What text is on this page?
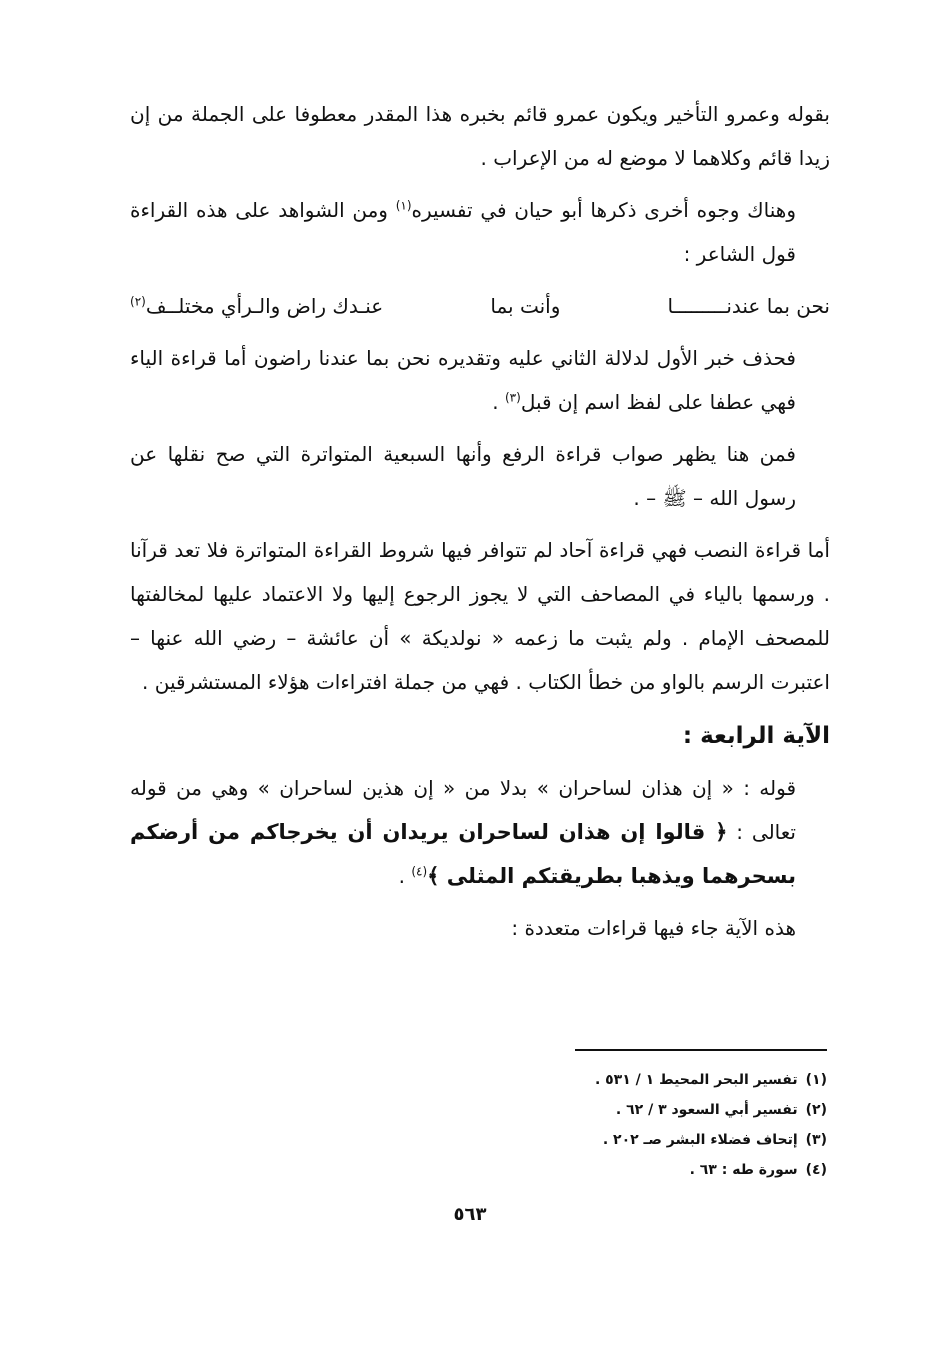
بقوله وعمرو التأخير ويكون عمرو قائم بخبره هذا المقدر معطوفا على الجملة من إن زيدا قائم وكلاهما لا موضع له من الإعراب .

وهناك وجوه أخرى ذكرها أبو حيان في تفسيره$^{(١)}$ ومن الشواهد على هذه القراءة قول الشاعر :

نحن بما عندنـــــــــا
وأنت بما
عنـدك راض والـرأي مختلــف$^{(٢)}$

فحذف خبر الأول لدلالة الثاني عليه وتقديره نحن بما عندنا راضون أما قراءة الياء فهي عطفا على لفظ اسم إن قبل$^{(٣)}$ .

فمن هنا يظهر صواب قراءة الرفع وأنها السبعية المتواترة التي صح نقلها عن رسول الله – ﷺ – .

أما قراءة النصب فهي قراءة آحاد لم تتوافر فيها شروط القراءة المتواترة فلا تعد قرآنا . ورسمها بالياء في المصاحف التي لا يجوز الرجوع إليها ولا الاعتماد عليها لمخالفتها للمصحف الإمام . ولم يثبت ما زعمه « نولديكة » أن عائشة – رضي الله عنها – اعتبرت الرسم بالواو من خطأ الكتاب . فهي من جملة افتراءات هؤلاء المستشرقين .

الآية الرابعة :

قوله : « إن هذان لساحران » بدلا من « إن هذين لساحران » وهي من قوله تعالى : ﴿ قالوا إن هذان لساحران يريدان أن يخرجاكم من أرضكم بسحرهما ويذهبا بطريقتكم المثلى ﴾$^{(٤)}$ .

هذه الآية جاء فيها قراءات متعددة :

(١)تفسير البحر المحيط ١ / ٥٣١ .
(٢)تفسير أبي السعود ٣ / ٦٢ .
(٣)إتحاف فضلاء البشر صـ ٢٠٢ .
(٤)سورة طه : ٦٣ .
٥٦٣
